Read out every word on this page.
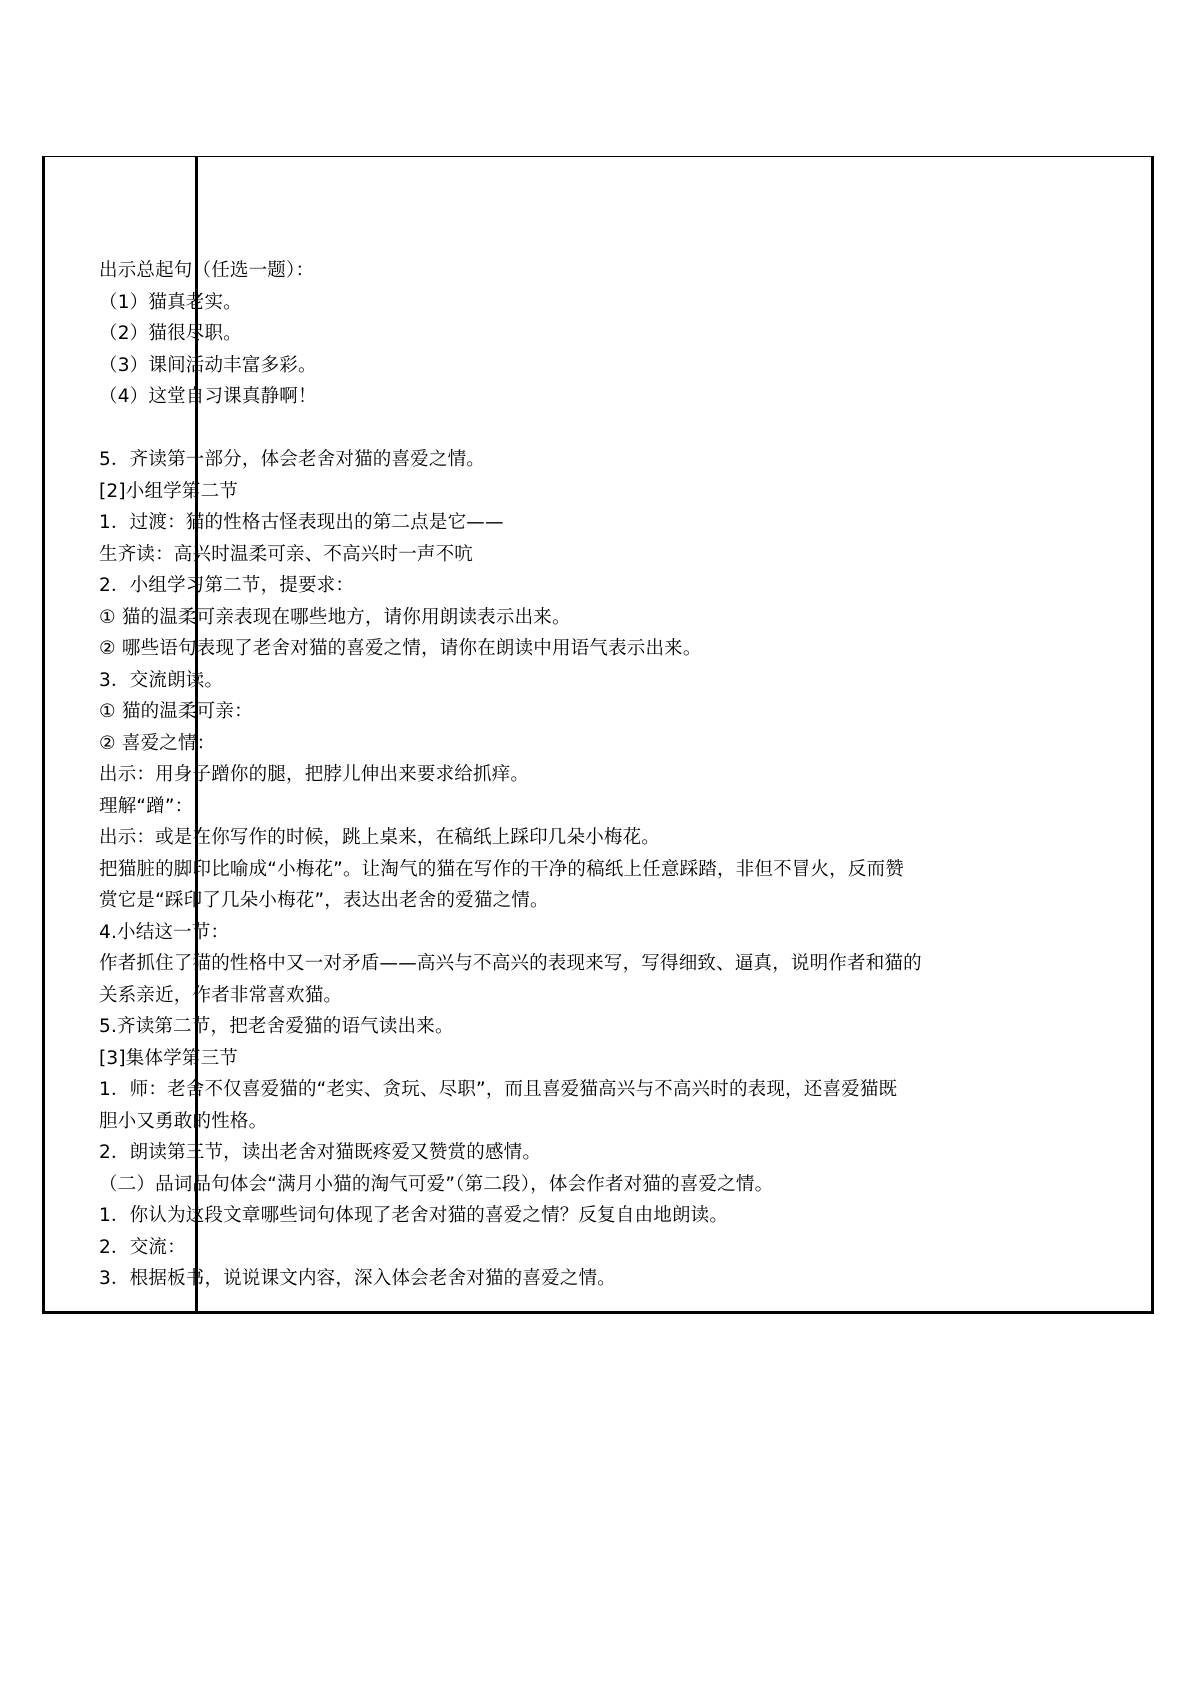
出示总起句（任选一题）：
（1）猫真老实。
（2）猫很尽职。
（3）课间活动丰富多彩。
（4）这堂自习课真静啊！
5．齐读第一部分，体会老舍对猫的喜爱之情。
[2]小组学第二节
1．过渡：猫的性格古怪表现出的第二点是它——
生齐读：高兴时温柔可亲、不高兴时一声不吭
2．小组学习第二节，提要求：
① 猫的温柔可亲表现在哪些地方，请你用朗读表示出来。
② 哪些语句表现了老舍对猫的喜爱之情，请你在朗读中用语气表示出来。
3．交流朗读。
① 猫的温柔可亲：
② 喜爱之情：
出示：用身子蹭你的腿，把脖儿伸出来要求给抓痒。
理解“蹭”：
出示：或是在你写作的时候，跳上桌来，在稿纸上踩印几朵小梅花。
把猫脏的脚印比喻成“小梅花”。让淘气的猫在写作的干净的稿纸上任意踩踏，非但不冒火，反而赞
赏它是“踩印了几朵小梅花”，表达出老舍的爱猫之情。
4.小结这一节：
作者抓住了猫的性格中又一对矛盾——高兴与不高兴的表现来写，写得细致、逼真，说明作者和猫的
关系亲近，作者非常喜欢猫。
5.齐读第二节，把老舍爱猫的语气读出来。
[3]集体学第三节
1．师：老舍不仅喜爱猫的“老实、贪玩、尽职”，而且喜爱猫高兴与不高兴时的表现，还喜爱猫既
胆小又勇敢的性格。
2．朗读第三节，读出老舍对猫既疼爱又赞赏的感情。
（二）品词品句体会“满月小猫的淘气可爱”（第二段），体会作者对猫的喜爱之情。
1．你认为这段文章哪些词句体现了老舍对猫的喜爱之情？反复自由地朗读。
2．交流：
3．根据板书，说说课文内容，深入体会老舍对猫的喜爱之情。
